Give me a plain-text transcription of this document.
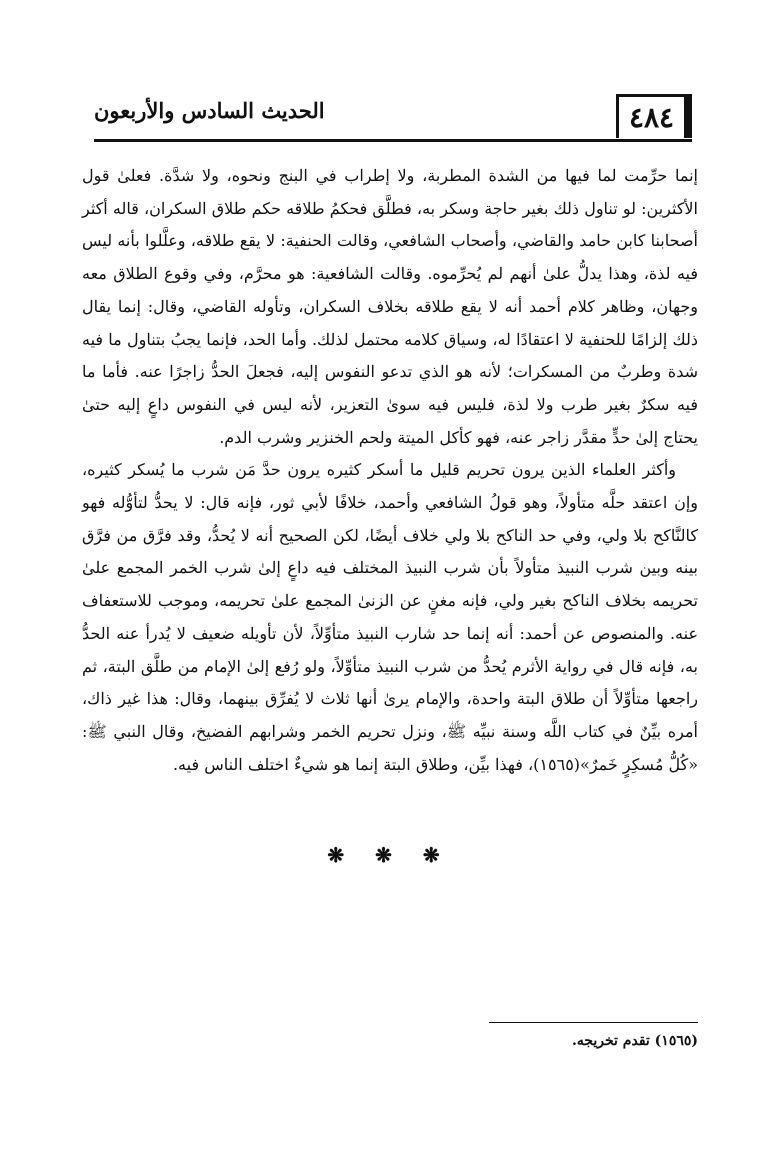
٤٨٤
الحديث السادس والأربعون

إنما حرِّمت لما فيها من الشدة المطربة، ولا إطراب في البنج ونحوه، ولا شدَّة. فعلىٰ قول الأكثرين: لو تناول ذلك بغير حاجة وسكر به، فطلَّق فحكمُ طلاقه حكم طلاق السكران، قاله أكثر أصحابنا كابن حامد والقاضي، وأصحاب الشافعي، وقالت الحنفية: لا يقع طلاقه، وعلَّلوا بأنه ليس فيه لذة، وهذا يدلُّ علىٰ أنهم لم يُحرِّموه. وقالت الشافعية: هو محرَّم، وفي وقوع الطلاق معه وجهان، وظاهر كلام أحمد أنه لا يقع طلاقه بخلاف السكران، وتأوله القاضي، وقال: إنما يقال ذلك إلزامًا للحنفية لا اعتقادًا له، وسياق كلامه محتمل لذلك. وأما الحد، فإنما يجبُ بتناول ما فيه شدة وطربٌ من المسكرات؛ لأنه هو الذي تدعو النفوس إليه، فجعلَ الحدُّ زاجرًا عنه. فأما ما فيه سكرٌ بغير طرب ولا لذة، فليس فيه سوىٰ التعزير، لأنه ليس في النفوس داعٍ إليه حتىٰ يحتاج إلىٰ حدٍّ مقدَّر زاجر عنه، فهو كأكل الميتة ولحم الخنزير وشرب الدم.

وأكثر العلماء الذين يرون تحريم قليل ما أسكر كثيره يرون حدَّ مَن شرب ما يُسكر كثيره، وإن اعتقد حلَّه متأولاً، وهو قولُ الشافعي وأحمد، خلافًا لأبي ثور، فإنه قال: لا يحدُّ لتأوُّله فهو كالنَّاكح بلا ولي، وفي حد الناكح بلا ولي خلاف أيضًا، لكن الصحيح أنه لا يُحدُّ، وقد فرَّق من فرَّق بينه وبين شرب النبيذ متأولاً بأن شرب النبيذ المختلف فيه داعٍ إلىٰ شرب الخمر المجمع علىٰ تحريمه بخلاف الناكح بغير ولي، فإنه مغنٍ عن الزنىٰ المجمع علىٰ تحريمه، وموجب للاستعفاف عنه. والمنصوص عن أحمد: أنه إنما حد شارب النبيذ متأوِّلاً، لأن تأويله ضعيف لا يُدرأ عنه الحدُّ به، فإنه قال في رواية الأثرم يُحدُّ من شرب النبيذ متأوِّلاً، ولو رُفع إلىٰ الإمام من طلَّق البتة، ثم راجعها متأوِّلاً أن طلاق البتة واحدة، والإمام يرىٰ أنها ثلاث لا يُفرِّق بينهما، وقال: هذا غير ذاك، أمره بيِّنٌ في كتاب اللَّه وسنة نبيِّه ﷺ، ونزل تحريم الخمر وشرابهم الفضيخ، وقال النبي ﷺ: «كُلُّ مُسكِرٍ خَمرٌ»(١٥٦٥)، فهذا بيِّن، وطلاق البتة إنما هو شيءٌ اختلف الناس فيه.

❋ ❋ ❋
(١٥٦٥) تقدم تخريجه.
